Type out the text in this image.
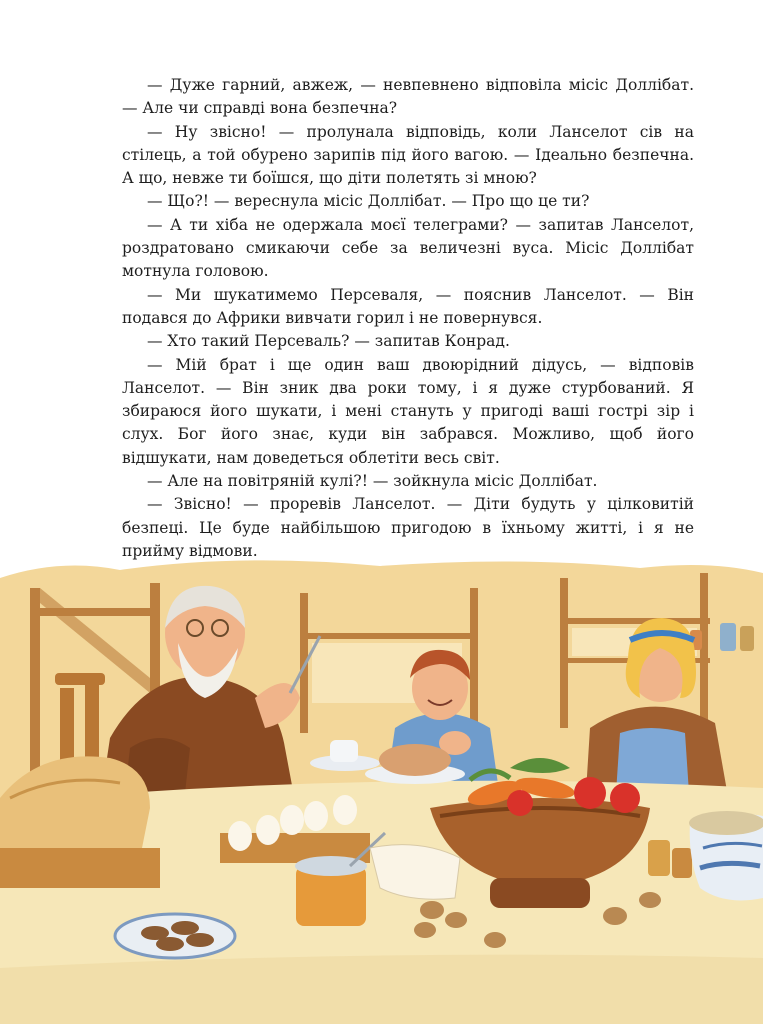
— Дуже гарний, авжеж, — невпевнено відповіла місіс Доллібат. — Але чи справді вона безпечна?

— Ну звісно! — пролунала відповідь, коли Ланселот сів на стілець, а той обурено зарипів під його вагою. — Ідеально безпечна. А що, невже ти боїшся, що діти полетять зі мною?

— Що?! — вереснула місіс Доллібат. — Про що це ти?

— А ти хіба не одержала моєї телеграми? — запитав Ланселот, роздратовано смикаючи себе за величезні вуса. Місіс Доллібат мотнула головою.

— Ми шукатимемо Персеваля, — пояснив Ланселот. — Він подався до Африки вивчати горил і не повернувся.

— Хто такий Персеваль? — запитав Конрад.

— Мій брат і ще один ваш двоюрідний дідусь, — відповів Ланселот. — Він зник два роки тому, і я дуже стурбований. Я збираюся його шукати, і мені стануть у пригоді ваші гострі зір і слух. Бог його знає, куди він забрався. Можливо, щоб його відшукати, нам доведеться облетіти весь світ.

— Але на повітряній кулі?! — зойкнула місіс Доллібат.

— Звісно! — проревів Ланселот. — Діти будуть у цілковитій безпеці. Це буде найбільшою пригодою в їхньому житті, і я не прийму відмови.
